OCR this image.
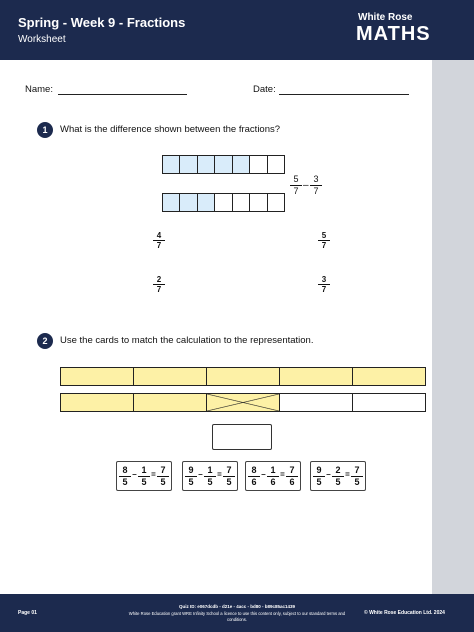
Spring - Week 9 - Fractions
Worksheet
White Rose
MATHS
Name:	Date:
1	What is the difference shown between the fractions?
$\frac{5}{7} - \frac{3}{7}$
$\frac{4}{7}$	$\frac{5}{7}$
$\frac{2}{7}$	$\frac{3}{7}$
2	Use the cards to match the calculation to the representation.
$\frac{8}{5} - \frac{1}{5} = \frac{7}{5} \frac{9}{5} - \frac{1}{5} = \frac{7}{5} \frac{8}{6} - \frac{1}{6} = \frac{7}{6} \frac{9}{5} - \frac{2}{5} = \frac{7}{5}$
Page 01
Quiz ID: e067dcdb - d21e - 4acc - bd80 - b89c85ac1439
White Rose Education grant WRE Infinity School a licence to use this content only, subject to our standard terms and conditions.
© White Rose Education Ltd. 2024
